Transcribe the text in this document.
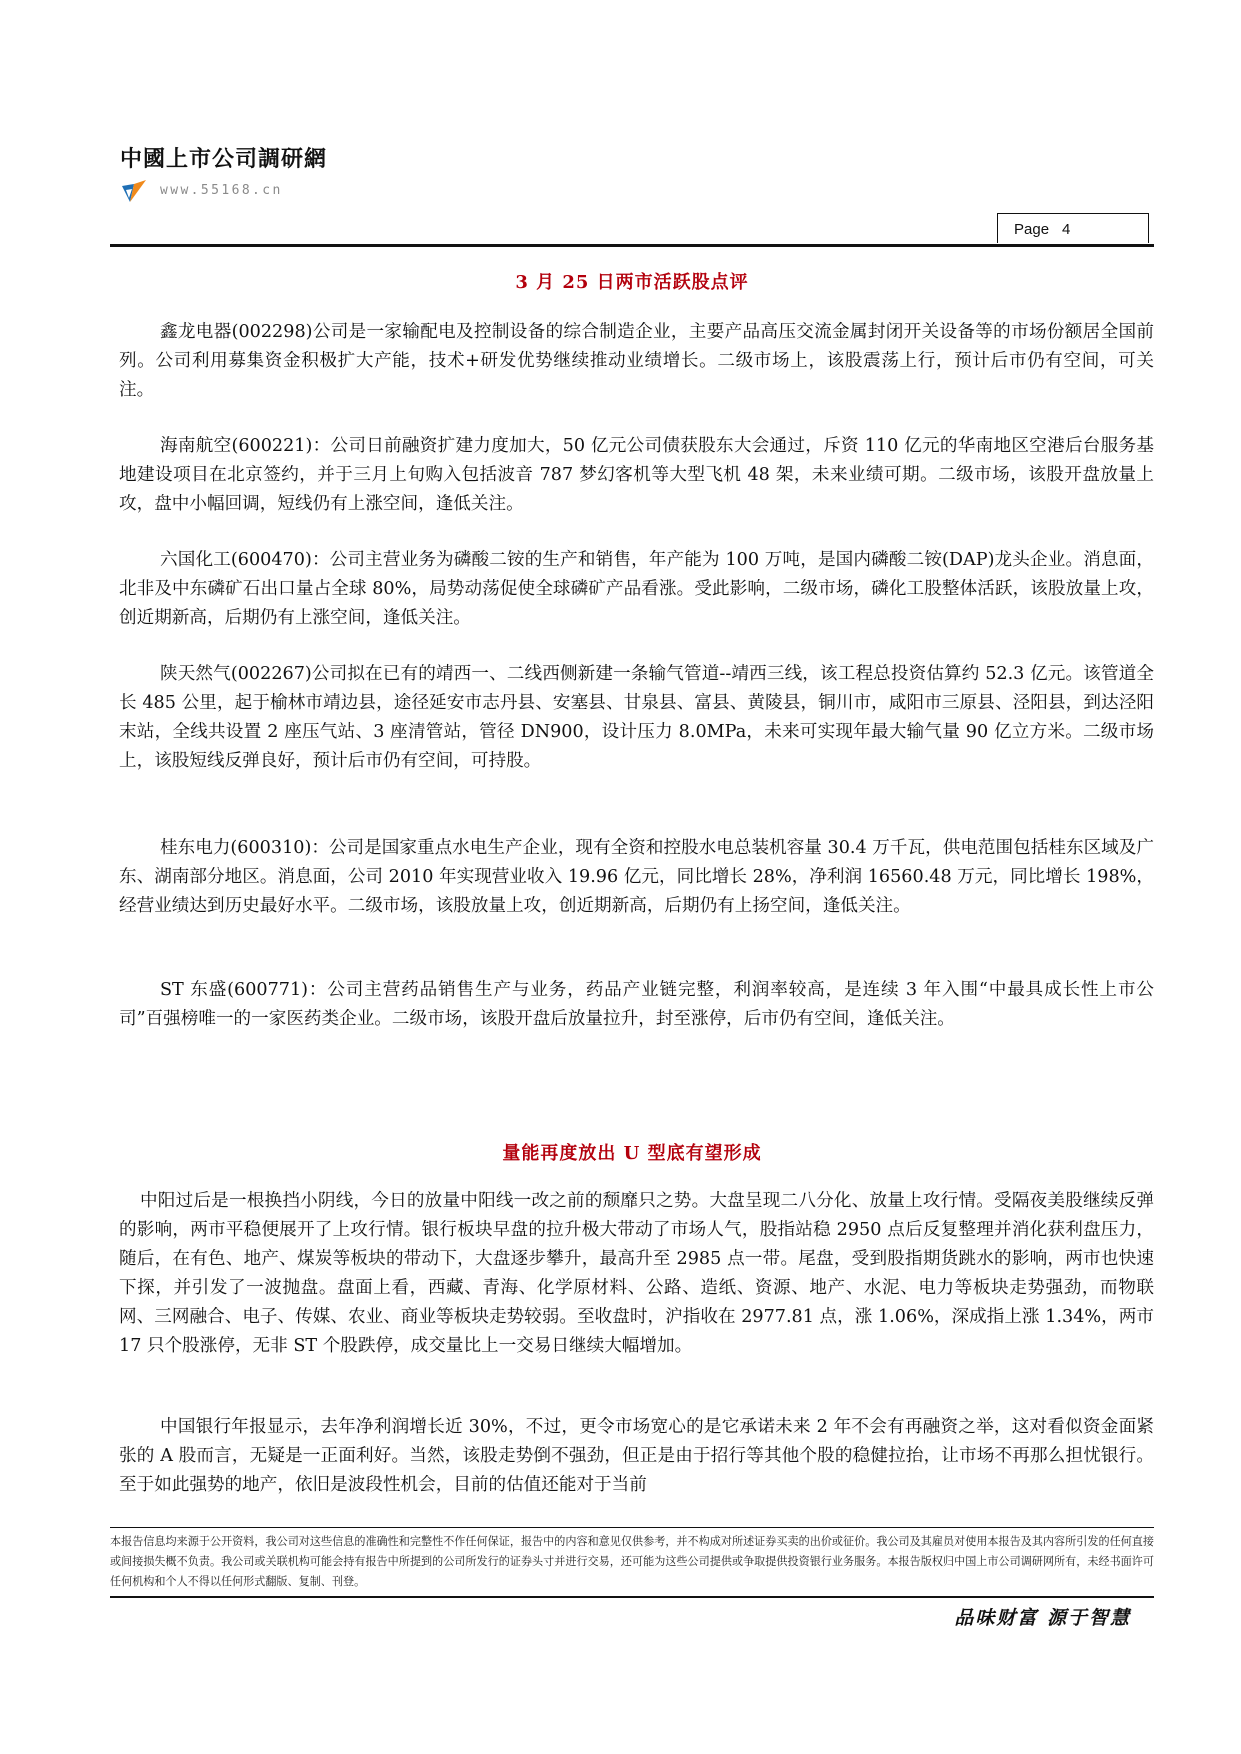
中國上市公司調研網
www.55168.cn
Page 4
3 月 25 日两市活跃股点评

鑫龙电器(002298)公司是一家输配电及控制设备的综合制造企业，主要产品高压交流金属封闭开关设备等的市场份额居全国前列。公司利用募集资金积极扩大产能，技术+研发优势继续推动业绩增长。二级市场上，该股震荡上行，预计后市仍有空间，可关注。

海南航空(600221)：公司日前融资扩建力度加大，50 亿元公司债获股东大会通过，斥资 110 亿元的华南地区空港后台服务基地建设项目在北京签约，并于三月上旬购入包括波音 787 梦幻客机等大型飞机 48 架，未来业绩可期。二级市场，该股开盘放量上攻，盘中小幅回调，短线仍有上涨空间，逢低关注。

六国化工(600470)：公司主营业务为磷酸二铵的生产和销售，年产能为 100 万吨，是国内磷酸二铵(DAP)龙头企业。消息面，北非及中东磷矿石出口量占全球 80%，局势动荡促使全球磷矿产品看涨。受此影响，二级市场，磷化工股整体活跃，该股放量上攻，创近期新高，后期仍有上涨空间，逢低关注。

陕天然气(002267)公司拟在已有的靖西一、二线西侧新建一条输气管道--靖西三线，该工程总投资估算约 52.3 亿元。该管道全长 485 公里，起于榆林市靖边县，途径延安市志丹县、安塞县、甘泉县、富县、黄陵县，铜川市，咸阳市三原县、泾阳县，到达泾阳末站，全线共设置 2 座压气站、3 座清管站，管径 DN900，设计压力 8.0MPa，未来可实现年最大输气量 90 亿立方米。二级市场上，该股短线反弹良好，预计后市仍有空间，可持股。

桂东电力(600310)：公司是国家重点水电生产企业，现有全资和控股水电总装机容量 30.4 万千瓦，供电范围包括桂东区域及广东、湖南部分地区。消息面，公司 2010 年实现营业收入 19.96 亿元，同比增长 28%，净利润 16560.48 万元，同比增长 198%，经营业绩达到历史最好水平。二级市场，该股放量上攻，创近期新高，后期仍有上扬空间，逢低关注。

ST 东盛(600771)：公司主营药品销售生产与业务，药品产业链完整，利润率较高，是连续 3 年入围“中最具成长性上市公司”百强榜唯一的一家医药类企业。二级市场，该股开盘后放量拉升，封至涨停，后市仍有空间，逢低关注。

量能再度放出 U 型底有望形成

中阳过后是一根换挡小阴线，今日的放量中阳线一改之前的颓靡只之势。大盘呈现二八分化、放量上攻行情。受隔夜美股继续反弹的影响，两市平稳便展开了上攻行情。银行板块早盘的拉升极大带动了市场人气，股指站稳 2950 点后反复整理并消化获利盘压力，随后，在有色、地产、煤炭等板块的带动下，大盘逐步攀升，最高升至 2985 点一带。尾盘，受到股指期货跳水的影响，两市也快速下探，并引发了一波抛盘。盘面上看，西藏、青海、化学原材料、公路、造纸、资源、地产、水泥、电力等板块走势强劲，而物联网、三网融合、电子、传媒、农业、商业等板块走势较弱。至收盘时，沪指收在 2977.81 点，涨 1.06%，深成指上涨 1.34%，两市 17 只个股涨停，无非 ST 个股跌停，成交量比上一交易日继续大幅增加。

中国银行年报显示，去年净利润增长近 30%，不过，更令市场宽心的是它承诺未来 2 年不会有再融资之举，这对看似资金面紧张的 A 股而言，无疑是一正面利好。当然，该股走势倒不强劲，但正是由于招行等其他个股的稳健拉抬，让市场不再那么担忧银行。至于如此强势的地产，依旧是波段性机会，目前的估值还能对于当前

本报告信息均来源于公开资料，我公司对这些信息的准确性和完整性不作任何保证，报告中的内容和意见仅供参考，并不构成对所述证券买卖的出价或征价。我公司及其雇员对使用本报告及其内容所引发的任何直接或间接损失概不负责。我公司或关联机构可能会持有报告中所提到的公司所发行的证券头寸并进行交易，还可能为这些公司提供或争取提供投资银行业务服务。本报告版权归中国上市公司调研网所有，未经书面许可任何机构和个人不得以任何形式翻版、复制、刊登。

品味财富 源于智慧
